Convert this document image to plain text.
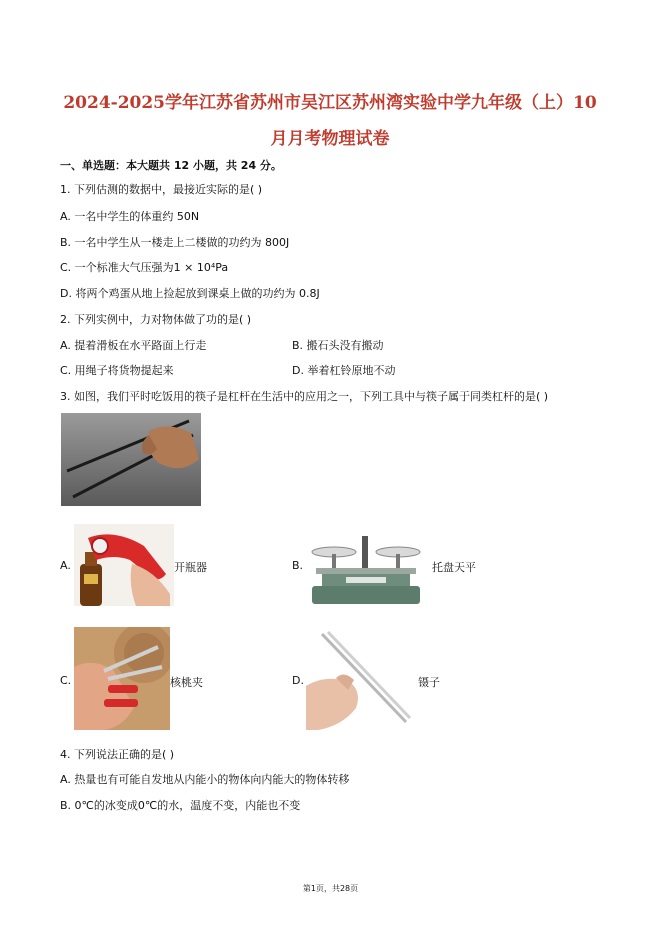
2024-2025学年江苏省苏州市吴江区苏州湾实验中学九年级（上）10
月月考物理试卷

一、单选题：本大题共 12 小题，共 24 分。

1. 下列估测的数据中，最接近实际的是( )

A. 一名中学生的体重约 50N

B. 一名中学生从一楼走上二楼做的功约为 800J

C. 一个标准大气压强为1 × 10⁴Pa

D. 将两个鸡蛋从地上捡起放到课桌上做的功约为 0.8J

2. 下列实例中，力对物体做了功的是( )

A. 提着滑板在水平路面上行走	B. 搬石头没有搬动
C. 用绳子将货物提起来	D. 举着杠铃原地不动

3. 如图，我们平时吃饭用的筷子是杠杆在生活中的应用之一，下列工具中与筷子属于同类杠杆的是( )

A.	开瓶器	B.	托盘天平
C.	核桃夹	D.	镊子

4. 下列说法正确的是( )

A. 热量也有可能自发地从内能小的物体向内能大的物体转移

B. 0℃的冰变成0℃的水，温度不变，内能也不变

第1页，共28页
